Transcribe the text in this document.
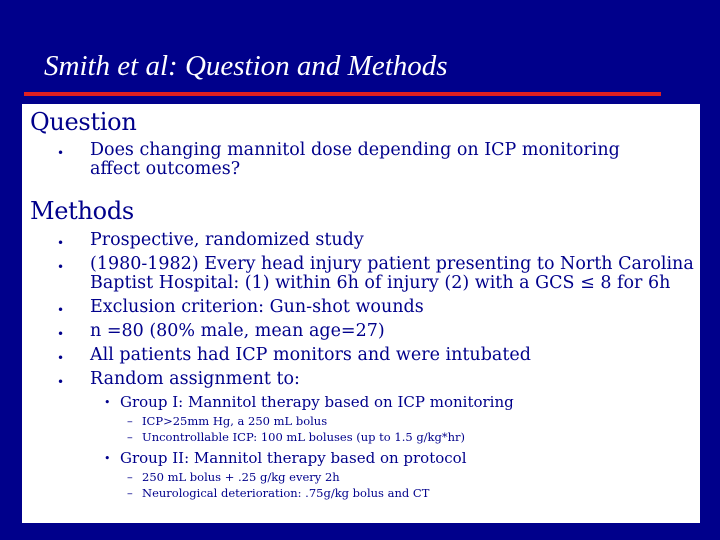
Smith et al: Question and Methods
Question
• Does changing mannitol dose depending on ICP monitoring
affect outcomes?
Methods
• Prospective, randomized study
• (1980-1982) Every head injury patient presenting to North Carolina
Baptist Hospital: (1) within 6h of injury (2) with a GCS ≤ 8 for 6h
• Exclusion criterion: Gun-shot wounds
• n =80 (80% male, mean age=27)
• All patients had ICP monitors and were intubated
• Random assignment to:
• Group I: Mannitol therapy based on ICP monitoring
– ICP>25mm Hg, a 250 mL bolus
– Uncontrollable ICP: 100 mL boluses (up to 1.5 g/kg*hr)
• Group II: Mannitol therapy based on protocol
– 250 mL bolus + .25 g/kg every 2h
– Neurological deterioration: .75g/kg bolus and CT
